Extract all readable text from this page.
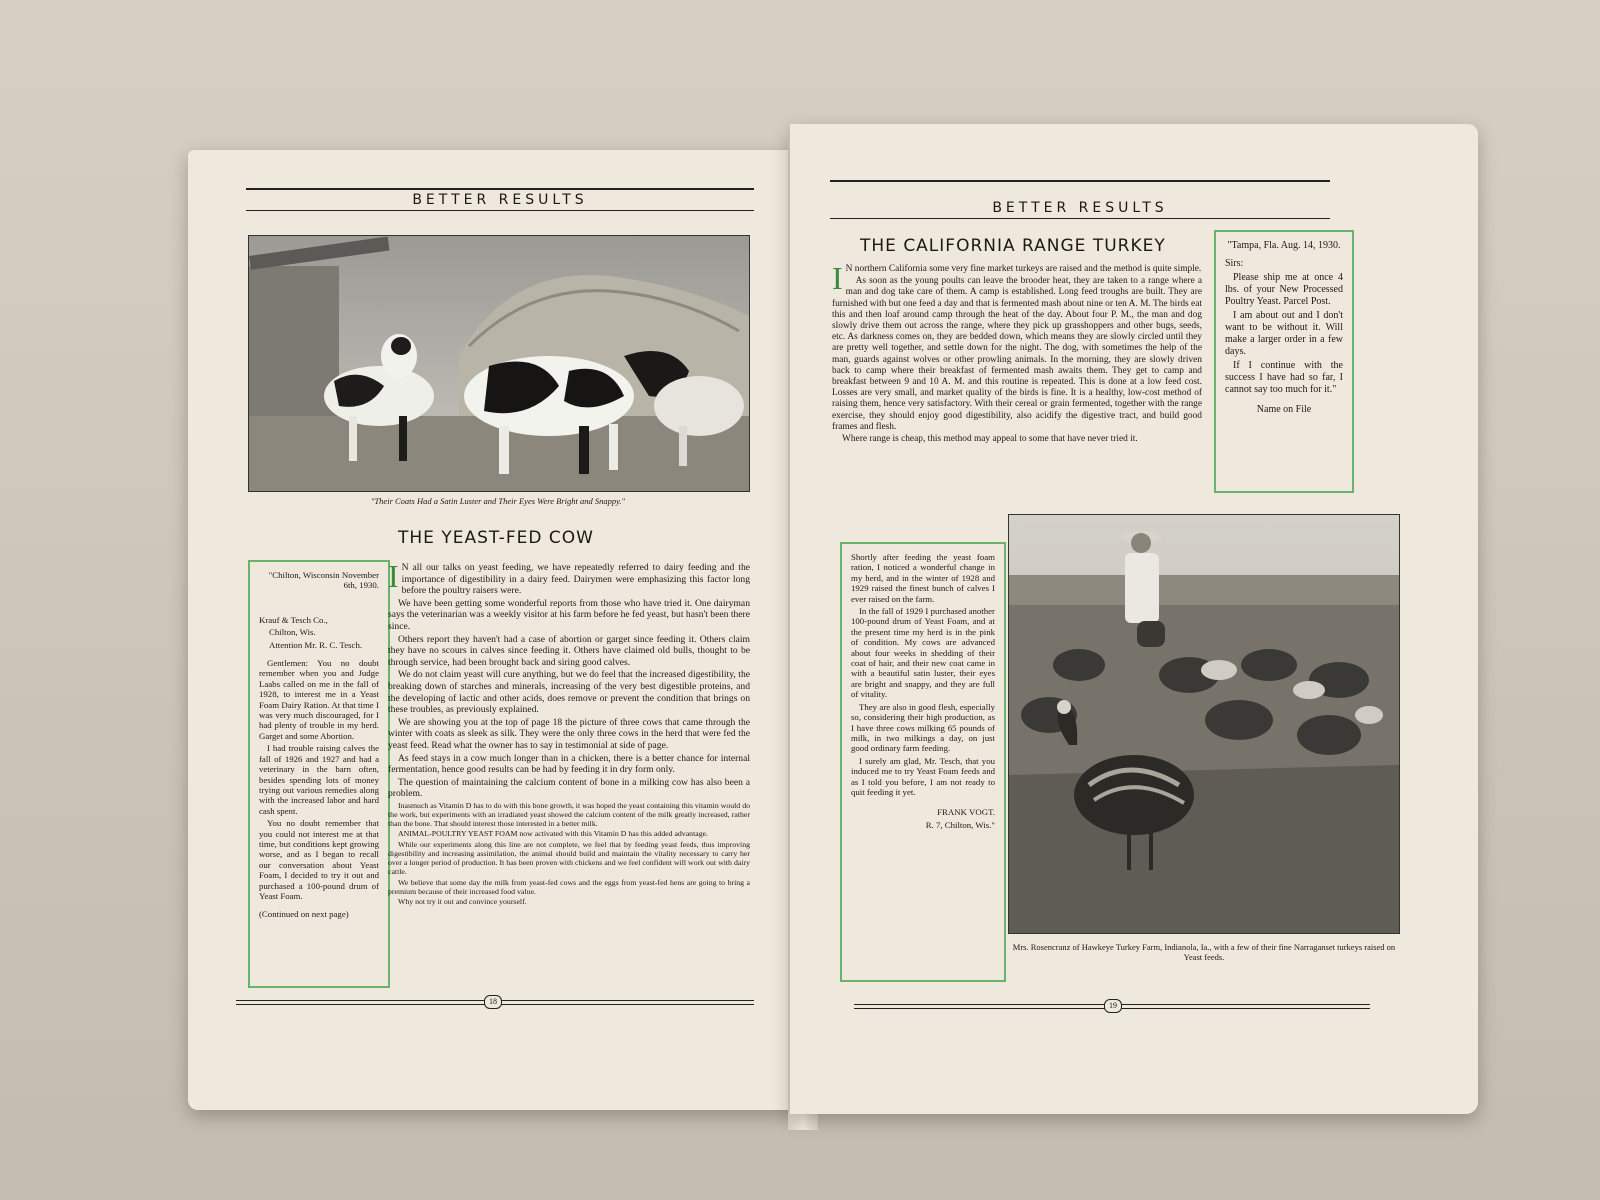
BETTER RESULTS
"Their Coats Had a Satin Luster and Their Eyes Were Bright and Snappy."
THE YEAST-FED COW

"Chilton, Wisconsin November 6th, 1930.

Krauf & Tesch Co.,

Chilton, Wis.

Attention Mr. R. C. Tesch.

Gentlemen: You no doubt remember when you and Judge Laabs called on me in the fall of 1928, to interest me in a Yeast Foam Dairy Ration. At that time I was very much discouraged, for I had plenty of trouble in my herd. Garget and some Abortion.

I had trouble raising calves the fall of 1926 and 1927 and had a veterinary in the barn often, besides spending lots of money trying out various remedies along with the increased labor and hard cash spent.

You no doubt remember that you could not interest me at that time, but conditions kept growing worse, and as I began to recall our conversation about Yeast Foam, I decided to try it out and purchased a 100-pound drum of Yeast Foam.

(Continued on next page)

I N all our talks on yeast feeding, we have repeatedly referred to dairy feeding and the importance of digestibility in a dairy feed. Dairymen were emphasizing this factor long before the poultry raisers were.

We have been getting some wonderful reports from those who have tried it. One dairyman says the veterinarian was a weekly visitor at his farm before he fed yeast, but hasn't been there since.

Others report they haven't had a case of abortion or garget since feeding it. Others claim they have no scours in calves since feeding it. Others have claimed old bulls, thought to be through service, had been brought back and siring good calves.

We do not claim yeast will cure anything, but we do feel that the increased digestibility, the breaking down of starches and minerals, increasing of the very best digestible proteins, and the developing of lactic and other acids, does remove or prevent the condition that brings on these troubles, as previously explained.

We are showing you at the top of page 18 the picture of three cows that came through the winter with coats as sleek as silk. They were the only three cows in the herd that were fed the yeast feed. Read what the owner has to say in testimonial at side of page.

As feed stays in a cow much longer than in a chicken, there is a better chance for internal fermentation, hence good results can be had by feeding it in dry form only.

The question of maintaining the calcium content of bone in a milking cow has also been a problem.

Inasmuch as Vitamin D has to do with this bone growth, it was hoped the yeast containing this vitamin would do the work, but experiments with an irradiated yeast showed the calcium content of the milk greatly increased, rather than the bone. That should interest those interested in a better milk.

ANIMAL-POULTRY YEAST FOAM now activated with this Vitamin D has this added advantage.

While our experiments along this line are not complete, we feel that by feeding yeast feeds, thus improving digestibility and increasing assimilation, the animal should build and maintain the vitality necessary to carry her over a longer period of production. It has been proven with chickens and we feel confident will work out with dairy cattle.

We believe that some day the milk from yeast-fed cows and the eggs from yeast-fed hens are going to bring a premium because of their increased food value.

Why not try it out and convince yourself.

18
BETTER RESULTS
THE CALIFORNIA RANGE TURKEY

I N northern California some very fine market turkeys are raised and the method is quite simple.

As soon as the young poults can leave the brooder heat, they are taken to a range where a man and dog take care of them. A camp is established. Long feed troughs are built. They are furnished with but one feed a day and that is fermented mash about nine or ten A. M. The birds eat this and then loaf around camp through the heat of the day. About four P. M., the man and dog slowly drive them out across the range, where they pick up grasshoppers and other bugs, seeds, etc. As darkness comes on, they are bedded down, which means they are slowly circled until they are pretty well together, and settle down for the night. The dog, with sometimes the help of the man, guards against wolves or other prowling animals. In the morning, they are slowly driven back to camp where their breakfast of fermented mash awaits them. They get to camp and breakfast between 9 and 10 A. M. and this routine is repeated. This is done at a low feed cost. Losses are very small, and market quality of the birds is fine. It is a healthy, low-cost method of raising them, hence very satisfactory. With their cereal or grain fermented, together with the range exercise, they should enjoy good digestibility, also acidify the digestive tract, and build good frames and flesh.

Where range is cheap, this method may appeal to some that have never tried it.

"Tampa, Fla. Aug. 14, 1930.

Sirs:

Please ship me at once 4 lbs. of your New Processed Poultry Yeast. Parcel Post.

I am about out and I don't want to be without it. Will make a larger order in a few days.

If I continue with the success I have had so far, I cannot say too much for it."

Name on File

Shortly after feeding the yeast foam ration, I noticed a wonderful change in my herd, and in the winter of 1928 and 1929 raised the finest bunch of calves I ever raised on the farm.

In the fall of 1929 I purchased another 100-pound drum of Yeast Foam, and at the present time my herd is in the pink of condition. My cows are advanced about four weeks in shedding of their coat of hair, and their new coat came in with a beautiful satin luster, their eyes are bright and snappy, and they are full of vitality.

They are also in good flesh, especially so, considering their high production, as I have three cows milking 65 pounds of milk, in two milkings a day, on just good ordinary farm feeding.

I surely am glad, Mr. Tesch, that you induced me to try Yeast Foam feeds and as I told you before, I am not ready to quit feeding it yet.

FRANK VOGT.

R. 7, Chilton, Wis."

Mrs. Rosencranz of Hawkeye Turkey Farm, Indianola, Ia., with a few of their fine Narraganset turkeys raised on Yeast feeds.
19
